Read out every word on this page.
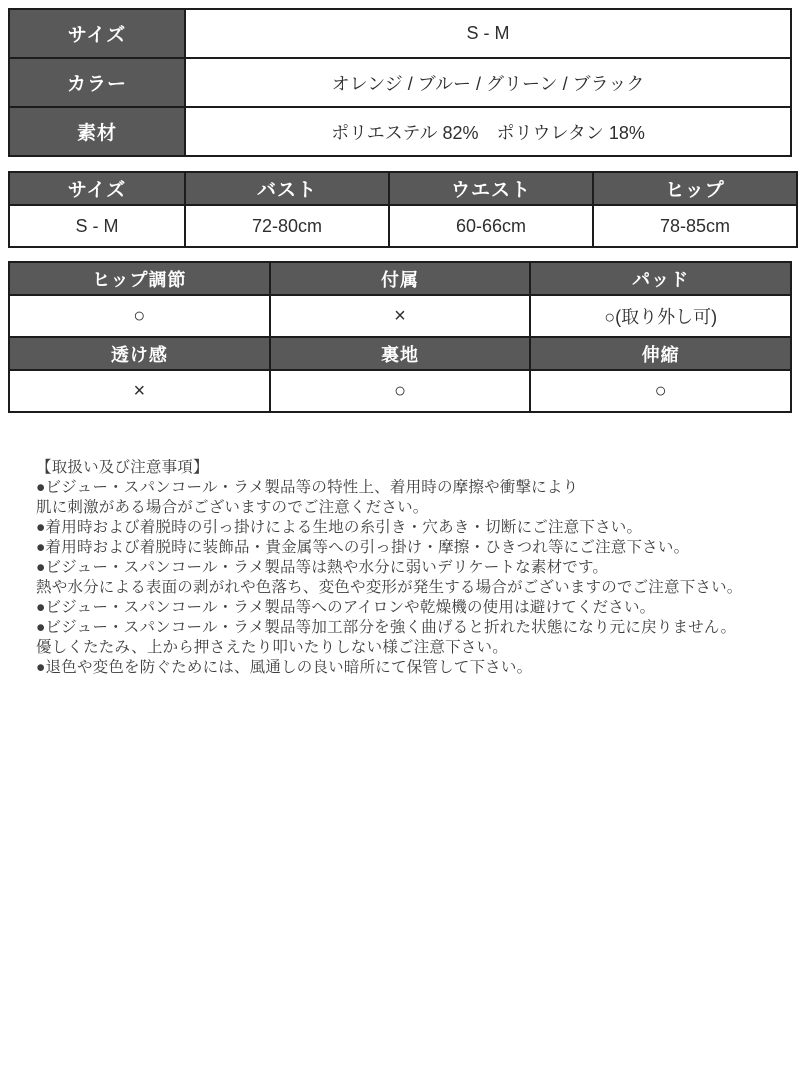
サイズ	S - M
カラー	オレンジ / ブルー / グリーン / ブラック
素材	ポリエステル 82%　ポリウレタン 18%
サイズ	バスト	ウエスト	ヒップ
S - M	72-80cm	60-66cm	78-85cm
ヒップ調節	付属	パッド
○	×	○(取り外し可)
透け感	裏地	伸縮
×	○	○
【取扱い及び注意事項】
●ビジュー・スパンコール・ラメ製品等の特性上、着用時の摩擦や衝撃により
肌に刺激がある場合がございますのでご注意ください。
●着用時および着脱時の引っ掛けによる生地の糸引き・穴あき・切断にご注意下さい。
●着用時および着脱時に装飾品・貴金属等への引っ掛け・摩擦・ひきつれ等にご注意下さい。
●ビジュー・スパンコール・ラメ製品等は熱や水分に弱いデリケートな素材です。
熱や水分による表面の剥がれや色落ち、変色や変形が発生する場合がございますのでご注意下さい。
●ビジュー・スパンコール・ラメ製品等へのアイロンや乾燥機の使用は避けてください。
●ビジュー・スパンコール・ラメ製品等加工部分を強く曲げると折れた状態になり元に戻りません。
優しくたたみ、上から押さえたり叩いたりしない様ご注意下さい。
●退色や変色を防ぐためには、風通しの良い暗所にて保管して下さい。
